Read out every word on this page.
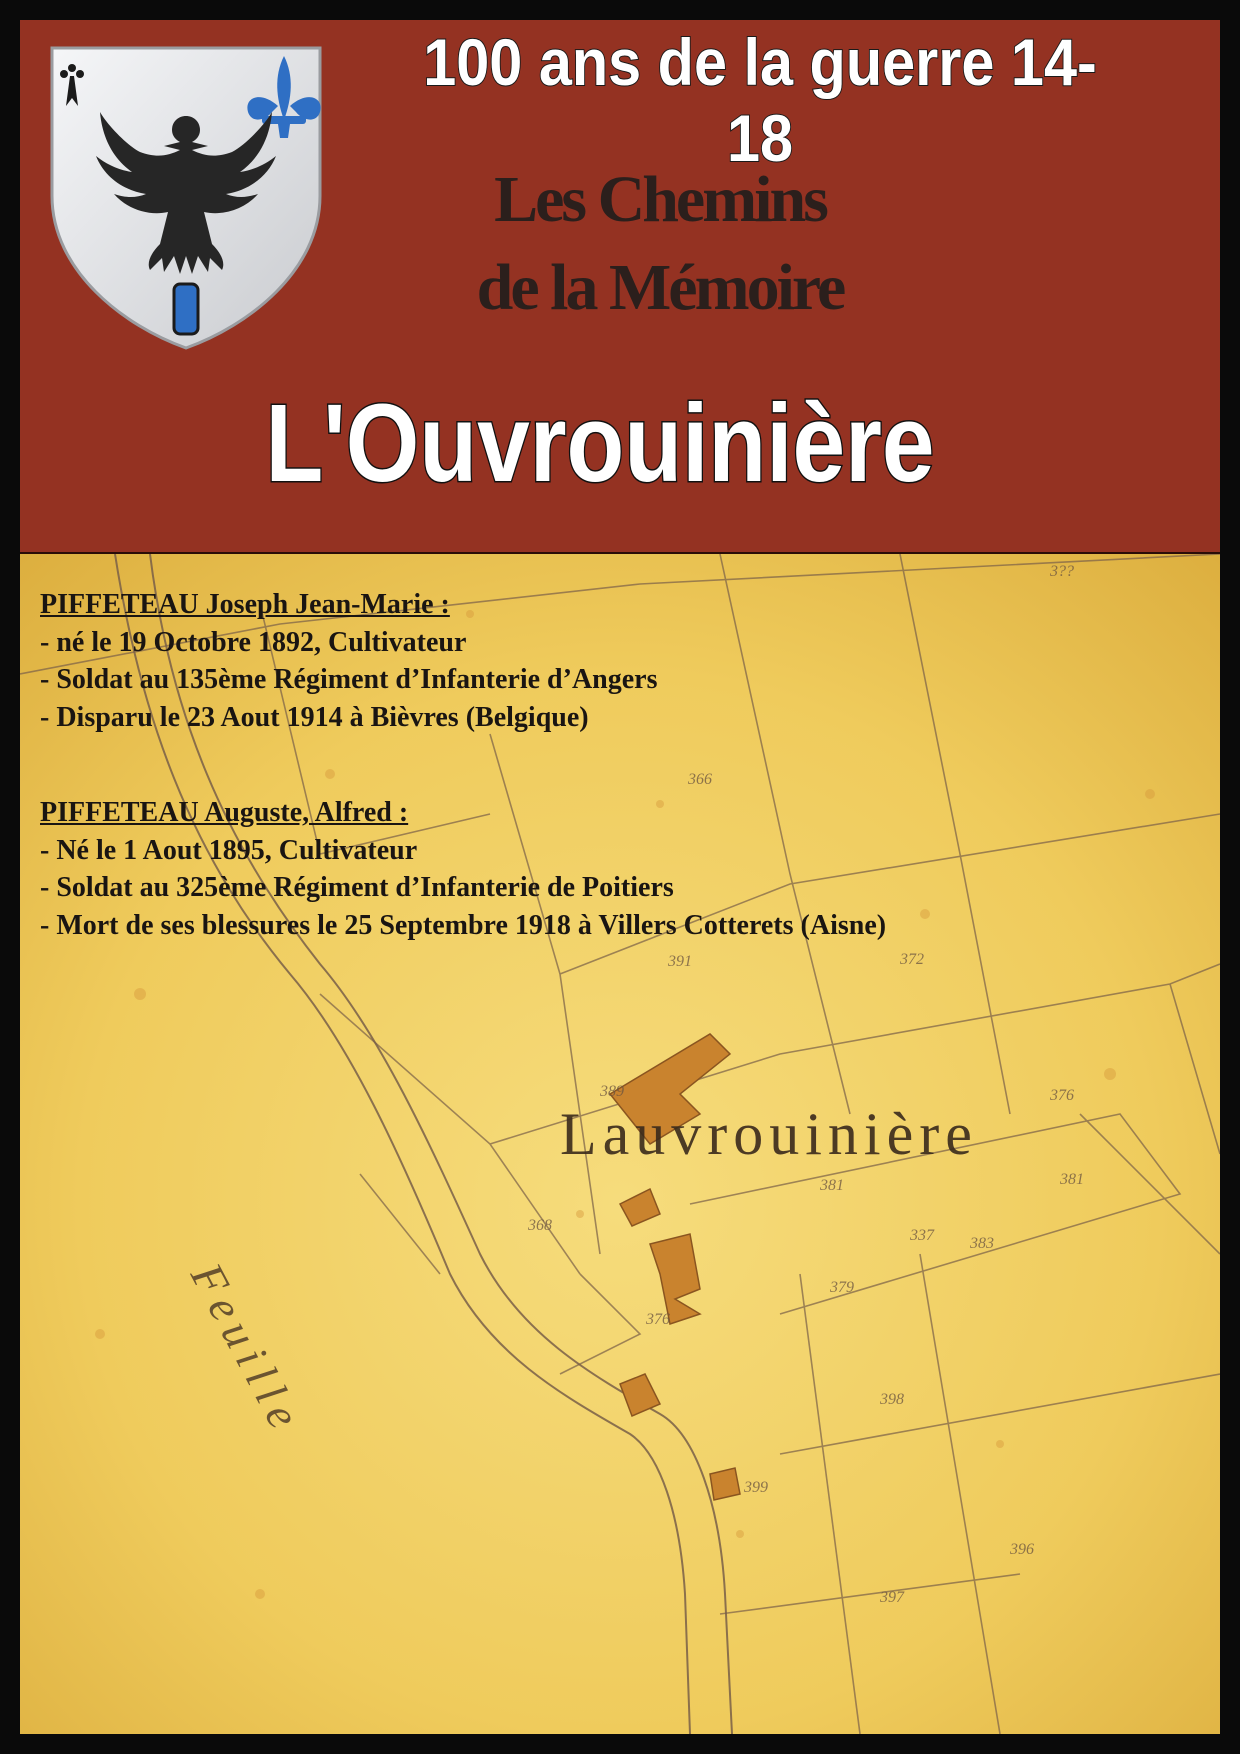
3??
366
391	372
389	376
381	381
368
383
337
379
376
398
399
397
396
Lauvrouinière
Feuille
100 ans de la guerre 14-18
Les Chemins
de la Mémoire
L'Ouvrouinière
PIFFETEAU Joseph Jean-Marie :
- né le 19 Octobre 1892, Cultivateur
- Soldat au 135ème Régiment d’Infanterie d’Angers
- Disparu le 23 Aout 1914 à Bièvres (Belgique)
PIFFETEAU Auguste, Alfred :
- Né le 1 Aout 1895, Cultivateur
- Soldat au 325ème Régiment d’Infanterie de Poitiers
- Mort de ses blessures le 25 Septembre 1918 à Villers Cotterets (Aisne)
